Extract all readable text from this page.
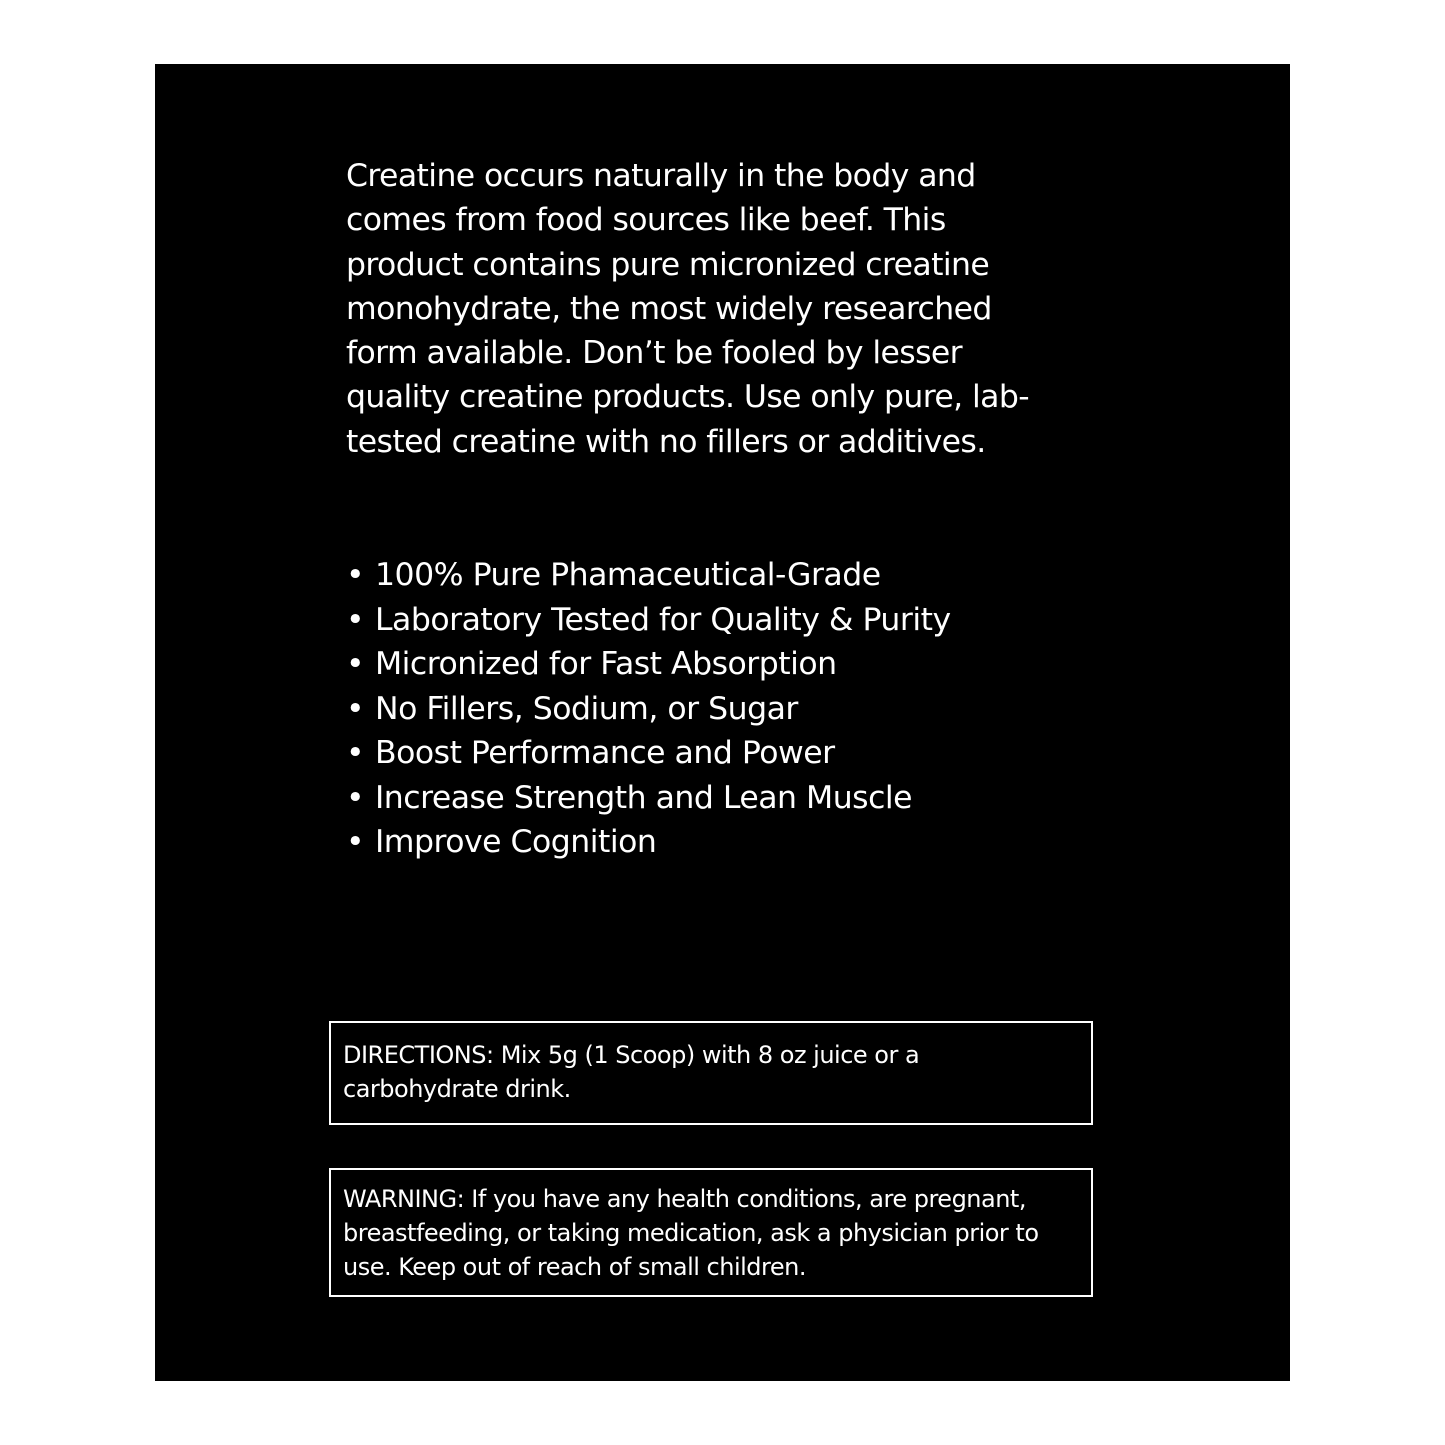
Creatine occurs naturally in the body and comes from food sources like beef. This product contains pure micronized creatine monohydrate, the most widely researched form available. Don’t be fooled by lesser quality creatine products. Use only pure, lab-tested creatine with no fillers or additives.

• 100% Pure Phamaceutical-Grade
• Laboratory Tested for Quality & Purity
• Micronized for Fast Absorption
• No Fillers, Sodium, or Sugar
• Boost Performance and Power
• Increase Strength and Lean Muscle
• Improve Cognition
DIRECTIONS: Mix 5g (1 Scoop) with 8 oz juice or a carbohydrate drink.
WARNING: If you have any health conditions, are pregnant, breastfeeding, or taking medication, ask a physician prior to use. Keep out of reach of small children.
